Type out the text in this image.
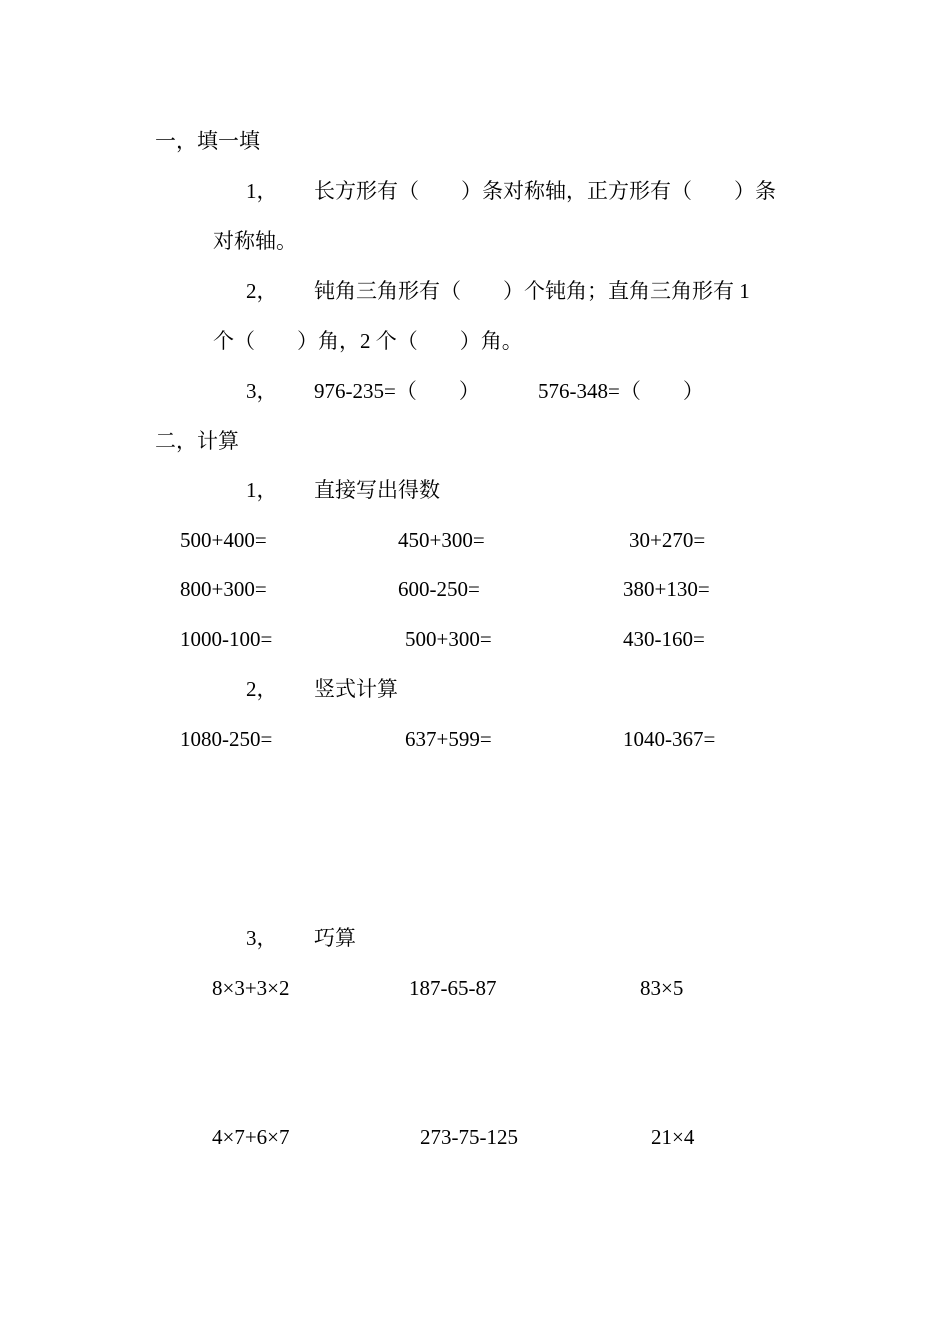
一，填一填
1， 长方形有（　　）条对称轴，正方形有（　　）条
对称轴。
2， 钝角三角形有（　　）个钝角；直角三角形有 1
个（　　）角，2 个（　　）角。
3， 976-235=（　　）	576-348=（　　）
二，计算
1， 直接写出得数
500+400=	450+300=	30+270=
800+300=	600-250=	380+130=
1000-100=	500+300=	430-160=
2， 竖式计算
1080-250=	637+599=	1040-367=
3， 巧算
8×3+3×2	187-65-87	83×5
4×7+6×7	273-75-125	21×4
